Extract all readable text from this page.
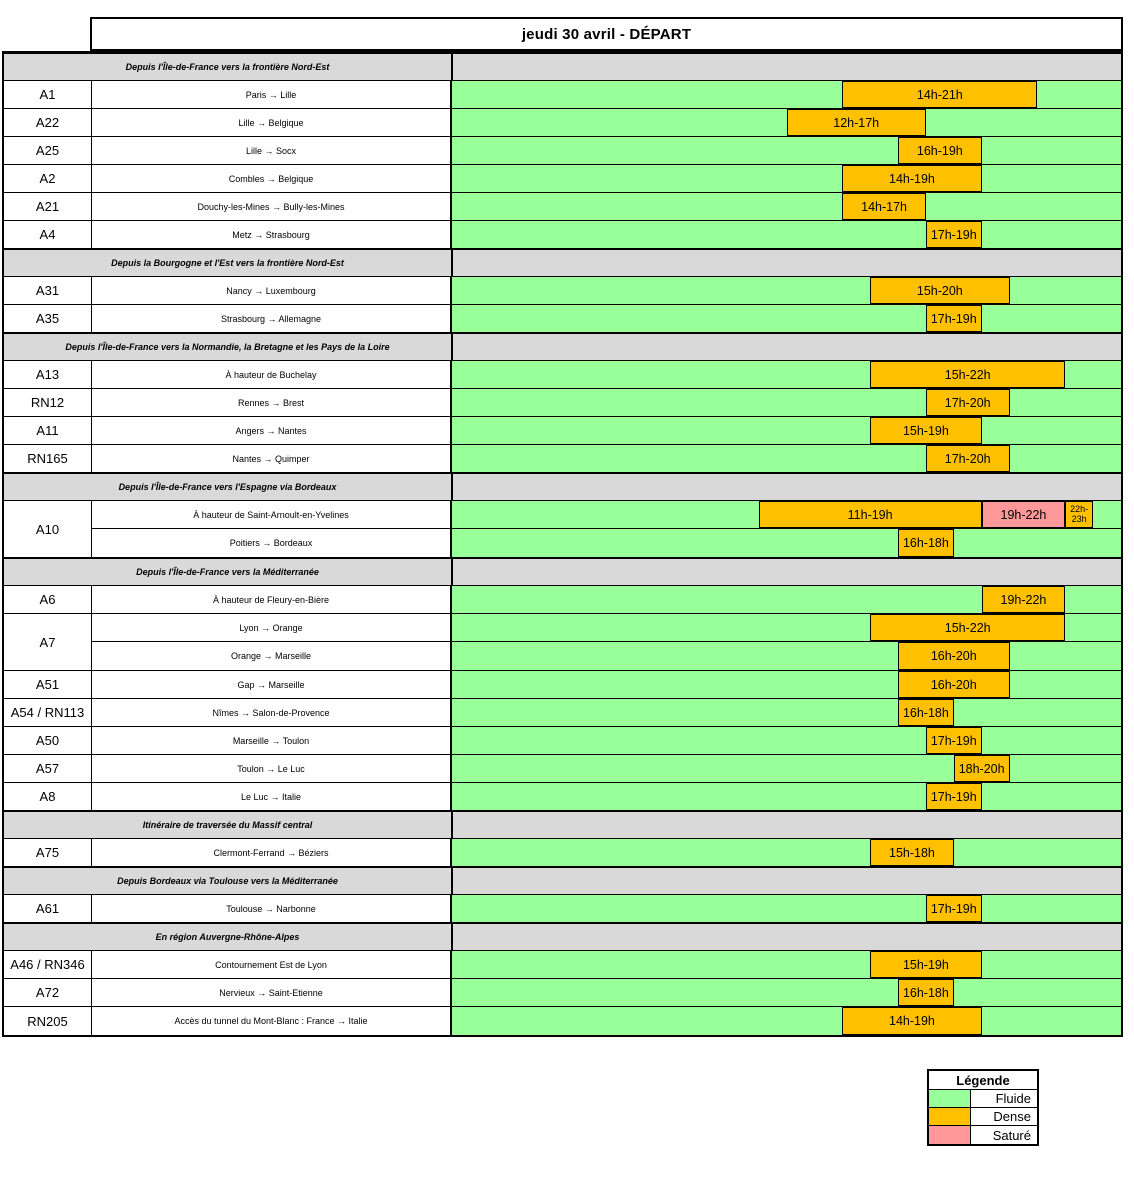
jeudi 30 avril - DÉPART
Depuis l'Île-de-France vers la frontière Nord-Est
A1	Paris → Lille	14h-21h
A22	Lille → Belgique	12h-17h
A25	Lille → Socx	16h-19h
A2	Combles → Belgique	14h-19h
A21	Douchy-les-Mines → Bully-les-Mines	14h-17h
A4	Metz → Strasbourg	17h-19h
Depuis la Bourgogne et l'Est vers la frontière Nord-Est
A31	Nancy → Luxembourg	15h-20h
A35	Strasbourg → Allemagne	17h-19h
Depuis l'Île-de-France vers la Normandie, la Bretagne et les Pays de la Loire
A13	À hauteur de Buchelay	15h-22h
RN12	Rennes → Brest	17h-20h
A11	Angers → Nantes	15h-19h
RN165	Nantes → Quimper	17h-20h
Depuis l'Île-de-France vers l'Espagne via Bordeaux
A10
À hauteur de Saint-Arnoult-en-Yvelines	11h-19h	19h-22h	22h-23h
Poitiers → Bordeaux	16h-18h
Depuis l'Île-de-France vers la Méditerranée
A6	À hauteur de Fleury-en-Bière	19h-22h
A7
Lyon → Orange	15h-22h
Orange → Marseille	16h-20h
A51	Gap → Marseille	16h-20h
A54 / RN113	Nîmes → Salon-de-Provence	16h-18h
A50	Marseille → Toulon	17h-19h
A57	Toulon → Le Luc	18h-20h
A8	Le Luc → Italie	17h-19h
Itinéraire de traversée du Massif central
A75	Clermont-Ferrand → Béziers	15h-18h
Depuis Bordeaux via Toulouse vers la Méditerranée
A61	Toulouse → Narbonne	17h-19h
En région Auvergne-Rhône-Alpes
A46 / RN346	Contournement Est de Lyon	15h-19h
A72	Nervieux → Saint-Etienne	16h-18h
RN205	Accès du tunnel du Mont-Blanc : France → Italie	14h-19h
Légende
Fluide
Dense
Saturé
